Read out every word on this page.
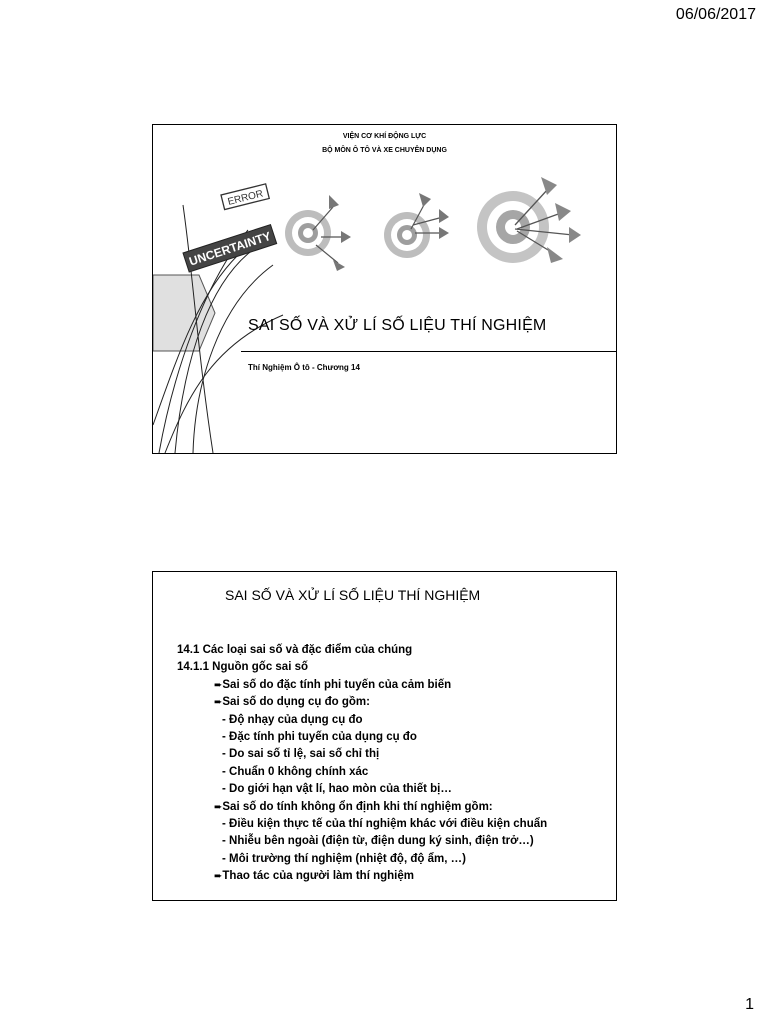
06/06/2017
VIỆN CƠ KHÍ ĐỘNG LỰC
BỘ MÔN Ô TÔ VÀ XE CHUYÊN DỤNG
ERROR
UNCERTAINTY
SAI SỐ VÀ XỬ LÍ SỐ LIỆU THÍ NGHIỆM
Thí Nghiệm Ô tô - Chương 14
SAI SỐ VÀ XỬ LÍ SỐ LIỆU THÍ NGHIỆM
14.1 Các loại sai số và đặc điểm của chúng
14.1.1 Nguồn gốc sai số
➨Sai số do đặc tính phi tuyến của cảm biến
➨Sai số do dụng cụ đo gồm:
- Độ nhạy của dụng cụ đo
- Đặc tính phi tuyến của dụng cụ đo
- Do sai số tỉ lệ, sai số chỉ thị
- Chuẩn 0 không chính xác
- Do giới hạn vật lí, hao mòn của thiết bị…
➨Sai số do tính không ổn định khi thí nghiệm gồm:
- Điều kiện thực tế của thí nghiệm khác với điều kiện chuẩn
- Nhiễu bên ngoài (điện từ, điện dung ký sinh, điện trở…)
- Môi trường thí nghiệm (nhiệt độ, độ ẩm, …)
➨Thao tác của người làm thí nghiệm
1
